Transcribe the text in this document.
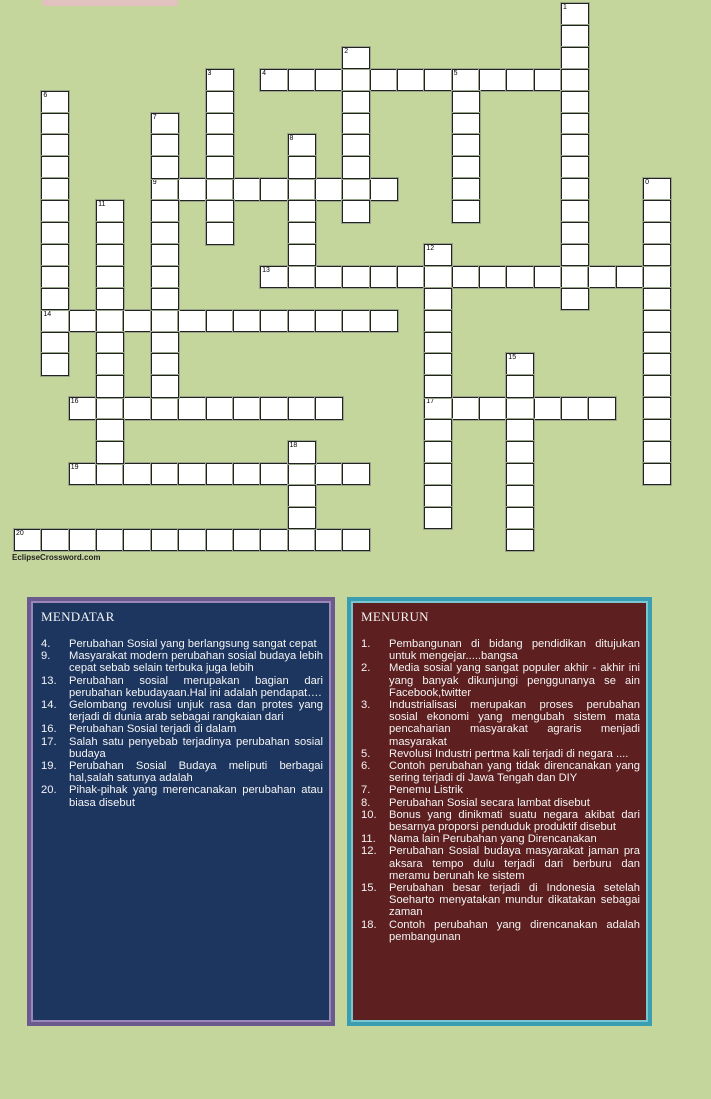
4	5
9
13
14
16	17
19
20
1
2
3
6
7
8
0
11
12
15
18
EclipseCrossword.com
MENDATAR
4. Perubahan Sosial yang berlangsung sangat cepat
9. Masyarakat modern perubahan sosial budaya lebih cepat sebab selain terbuka juga lebih
13. Perubahan sosial merupakan bagian dari perubahan kebudayaan.Hal ini adalah pendapat….
14. Gelombang revolusi unjuk rasa dan protes yang terjadi di dunia arab sebagai rangkaian dari
16. Perubahan Sosial terjadi di dalam
17. Salah satu penyebab terjadinya perubahan sosial budaya
19. Perubahan Sosial Budaya meliputi berbagai hal,salah satunya adalah
20. Pihak-pihak yang merencanakan perubahan atau biasa disebut
MENURUN
1. Pembangunan di bidang pendidikan ditujukan untuk mengejar.....bangsa
2. Media sosial yang sangat populer akhir - akhir ini yang banyak dikunjungi penggunanya se ain Facebook,twitter
3. Industrialisasi merupakan proses perubahan sosial ekonomi yang mengubah sistem mata pencaharian masyarakat agraris menjadi masyarakat
5. Revolusi Industri pertma kali terjadi di negara ....
6. Contoh perubahan yang tidak direncanakan yang sering terjadi di Jawa Tengah dan DIY
7. Penemu Listrik
8. Perubahan Sosial secara lambat disebut
10. Bonus yang dinikmati suatu negara akibat dari besarnya proporsi penduduk produktif disebut
11. Nama lain Perubahan yang Direncanakan
12. Perubahan Sosial budaya masyarakat jaman pra aksara tempo dulu terjadi dari berburu dan meramu berunah ke sistem
15. Perubahan besar terjadi di Indonesia setelah Soeharto menyatakan mundur dikatakan sebagai zaman
18. Contoh perubahan yang direncanakan adalah pembangunan
